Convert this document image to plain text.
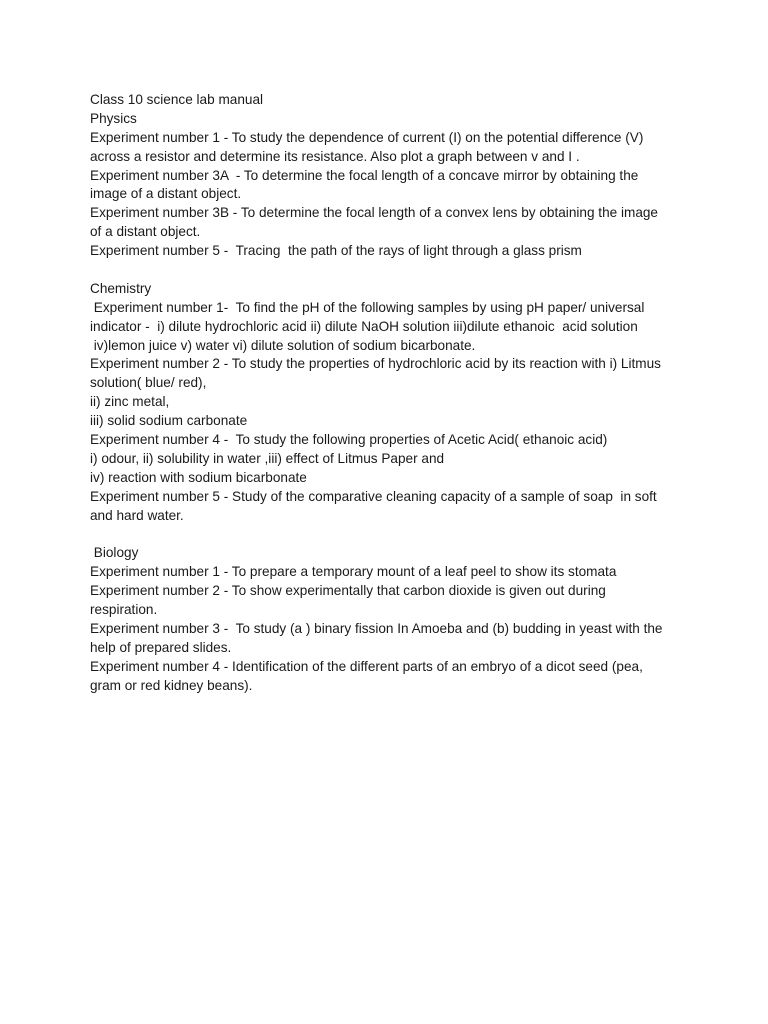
Class 10 science lab manual
Physics
Experiment number 1 - To study the dependence of current (I) on the potential difference (V)
across a resistor and determine its resistance. Also plot a graph between v and I .
Experiment number 3A  - To determine the focal length of a concave mirror by obtaining the
image of a distant object.
Experiment number 3B - To determine the focal length of a convex lens by obtaining the image
of a distant object.
Experiment number 5 -  Tracing  the path of the rays of light through a glass prism
Chemistry
Experiment number 1-  To find the pH of the following samples by using pH paper/ universal
indicator -  i) dilute hydrochloric acid ii) dilute NaOH solution iii)dilute ethanoic  acid solution
iv)lemon juice v) water vi) dilute solution of sodium bicarbonate.
Experiment number 2 - To study the properties of hydrochloric acid by its reaction with i) Litmus
solution( blue/ red),
ii) zinc metal,
iii) solid sodium carbonate
Experiment number 4 -  To study the following properties of Acetic Acid( ethanoic acid)
i) odour, ii) solubility in water ,iii) effect of Litmus Paper and
iv) reaction with sodium bicarbonate
Experiment number 5 - Study of the comparative cleaning capacity of a sample of soap  in soft
and hard water.
Biology
Experiment number 1 - To prepare a temporary mount of a leaf peel to show its stomata
Experiment number 2 - To show experimentally that carbon dioxide is given out during
respiration.
Experiment number 3 -  To study (a ) binary fission In Amoeba and (b) budding in yeast with the
help of prepared slides.
Experiment number 4 - Identification of the different parts of an embryo of a dicot seed (pea,
gram or red kidney beans).
